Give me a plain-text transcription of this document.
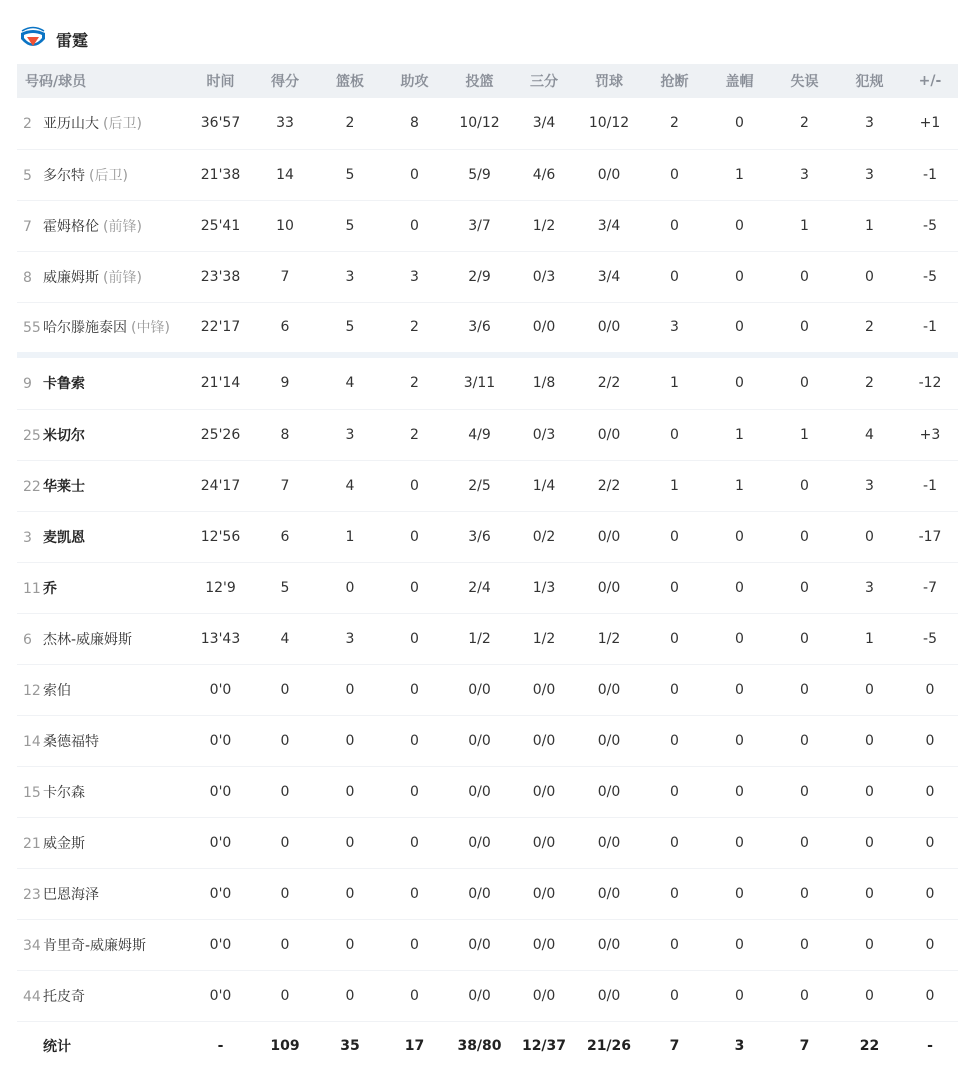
雷霆
号码/球员	时间	得分	篮板	助攻	投篮	三分	罚球	抢断	盖帽	失误	犯规	+/-
2 亚历山大 (后卫)	36'57	33	2	8	10/12	3/4	10/12	2	0	2	3	+1
5 多尔特 (后卫)	21'38	14	5	0	5/9	4/6	0/0	0	1	3	3	-1
7 霍姆格伦 (前锋)	25'41	10	5	0	3/7	1/2	3/4	0	0	1	1	-5
8 威廉姆斯 (前锋)	23'38	7	3	3	2/9	0/3	3/4	0	0	0	0	-5
55 哈尔滕施泰因 (中锋)	22'17	6	5	2	3/6	0/0	0/0	3	0	0	2	-1

9 卡鲁索	21'14	9	4	2	3/11	1/8	2/2	1	0	0	2	-12
25 米切尔	25'26	8	3	2	4/9	0/3	0/0	0	1	1	4	+3
22 华莱士	24'17	7	4	0	2/5	1/4	2/2	1	1	0	3	-1
3 麦凯恩	12'56	6	1	0	3/6	0/2	0/0	0	0	0	0	-17
11 乔	12'9	5	0	0	2/4	1/3	0/0	0	0	0	3	-7
6 杰林-威廉姆斯	13'43	4	3	0	1/2	1/2	1/2	0	0	0	1	-5
12 索伯	0'0	0	0	0	0/0	0/0	0/0	0	0	0	0	0
14 桑德福特	0'0	0	0	0	0/0	0/0	0/0	0	0	0	0	0
15 卡尔森	0'0	0	0	0	0/0	0/0	0/0	0	0	0	0	0
21 威金斯	0'0	0	0	0	0/0	0/0	0/0	0	0	0	0	0
23 巴恩海泽	0'0	0	0	0	0/0	0/0	0/0	0	0	0	0	0
34 肯里奇-威廉姆斯	0'0	0	0	0	0/0	0/0	0/0	0	0	0	0	0
44 托皮奇	0'0	0	0	0	0/0	0/0	0/0	0	0	0	0	0
统计	-	109	35	17	38/80	12/37	21/26	7	3	7	22	-
